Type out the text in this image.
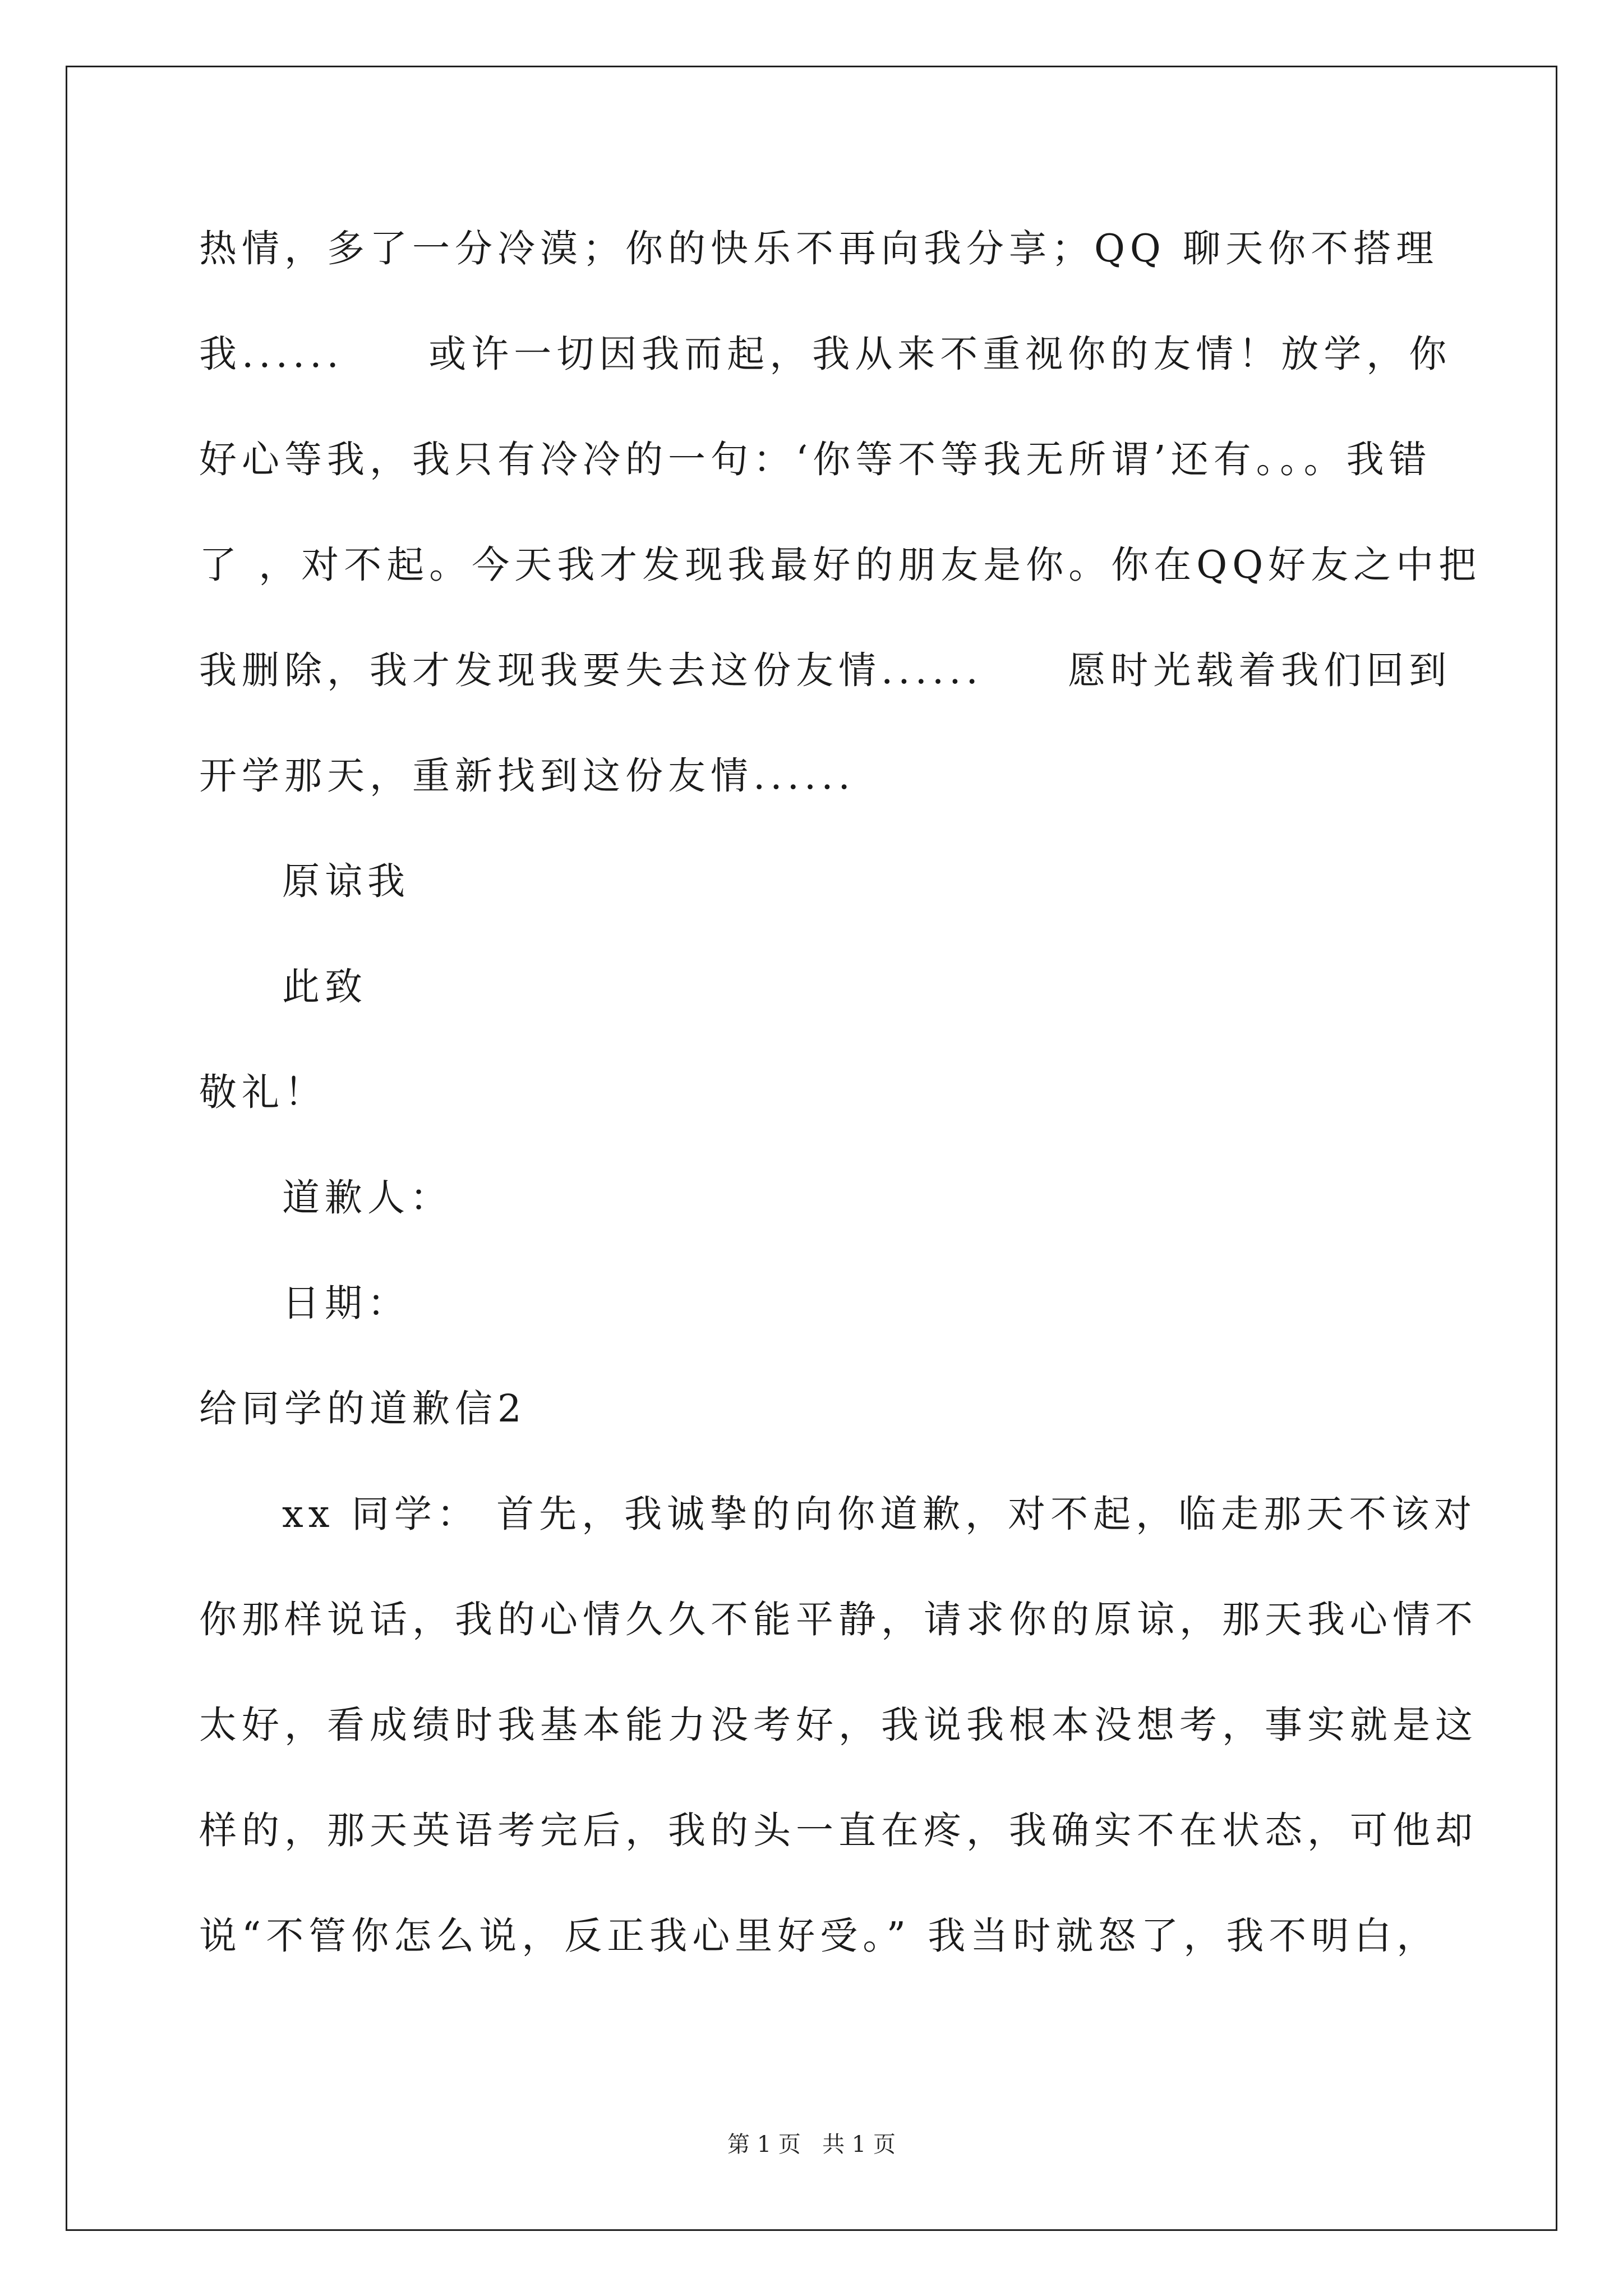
热情，多了一分冷漠；你的快乐不再向我分享；QQ 聊天你不搭理
我......     或许一切因我而起，我从来不重视你的友情！放学，你
好心等我，我只有冷冷的一句：‘你等不等我无所谓’还有。。。我错
了 ，对不起。今天我才发现我最好的朋友是你。你在QQ好友之中把
我删除，我才发现我要失去这份友情......     愿时光载着我们回到
开学那天，重新找到这份友情......
原谅我
此致
敬礼！
道歉人：
日期：
给同学的道歉信2
xx 同学： 首先，我诚挚的向你道歉，对不起，临走那天不该对
你那样说话，我的心情久久不能平静，请求你的原谅，那天我心情不
太好，看成绩时我基本能力没考好，我说我根本没想考，事实就是这
样的，那天英语考完后，我的头一直在疼，我确实不在状态，可他却
说“不管你怎么说，反正我心里好受。” 我当时就怒了，我不明白，
第 1 页   共 1 页
